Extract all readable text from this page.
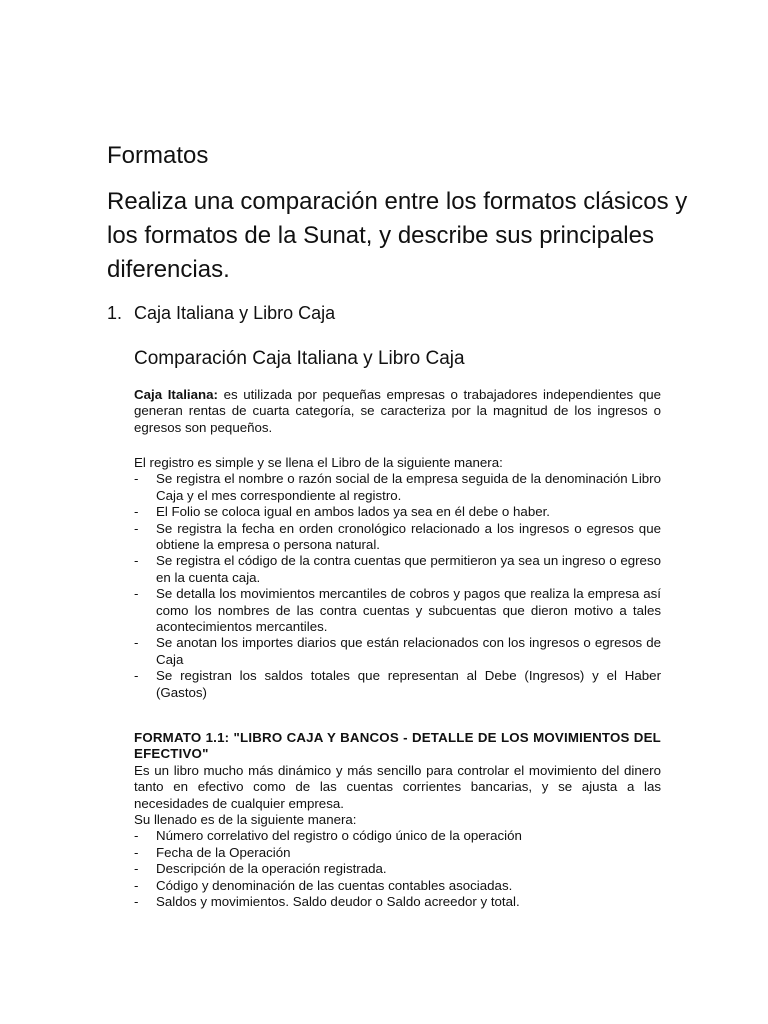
Formatos
Realiza una comparación entre los formatos clásicos y los formatos de la Sunat, y describe sus principales diferencias.
1. Caja Italiana y Libro Caja
Comparación Caja Italiana y Libro Caja

Caja Italiana: es utilizada por pequeñas empresas o trabajadores independientes que generan rentas de cuarta categoría, se caracteriza por la magnitud de los ingresos o egresos son pequeños.

El registro es simple y se llena el Libro de la siguiente manera:

-	Se registra el nombre o razón social de la empresa seguida de la denominación Libro Caja y el mes correspondiente al registro.
-	El Folio se coloca igual en ambos lados ya sea en él debe o haber.
-	Se registra la fecha en orden cronológico relacionado a los ingresos o egresos que obtiene la empresa o persona natural.
-	Se registra el código de la contra cuentas que permitieron ya sea un ingreso o egreso en la cuenta caja.
-	Se detalla los movimientos mercantiles de cobros y pagos que realiza la empresa así como los nombres de las contra cuentas y subcuentas que dieron motivo a tales acontecimientos mercantiles.
-	Se anotan los importes diarios que están relacionados con los ingresos o egresos de Caja
-	Se registran los saldos totales que representan al Debe (Ingresos) y el Haber (Gastos)

FORMATO 1.1: "LIBRO CAJA Y BANCOS - DETALLE DE LOS MOVIMIENTOS DEL EFECTIVO"

Es un libro mucho más dinámico y más sencillo para controlar el movimiento del dinero tanto en efectivo como de las cuentas corrientes bancarias, y se ajusta a las necesidades de cualquier empresa.

Su llenado es de la siguiente manera:

-	Número correlativo del registro o código único de la operación
-	Fecha de la Operación
-	Descripción de la operación registrada.
-	Código y denominación de las cuentas contables asociadas.
-	Saldos y movimientos. Saldo deudor o Saldo acreedor y total.
